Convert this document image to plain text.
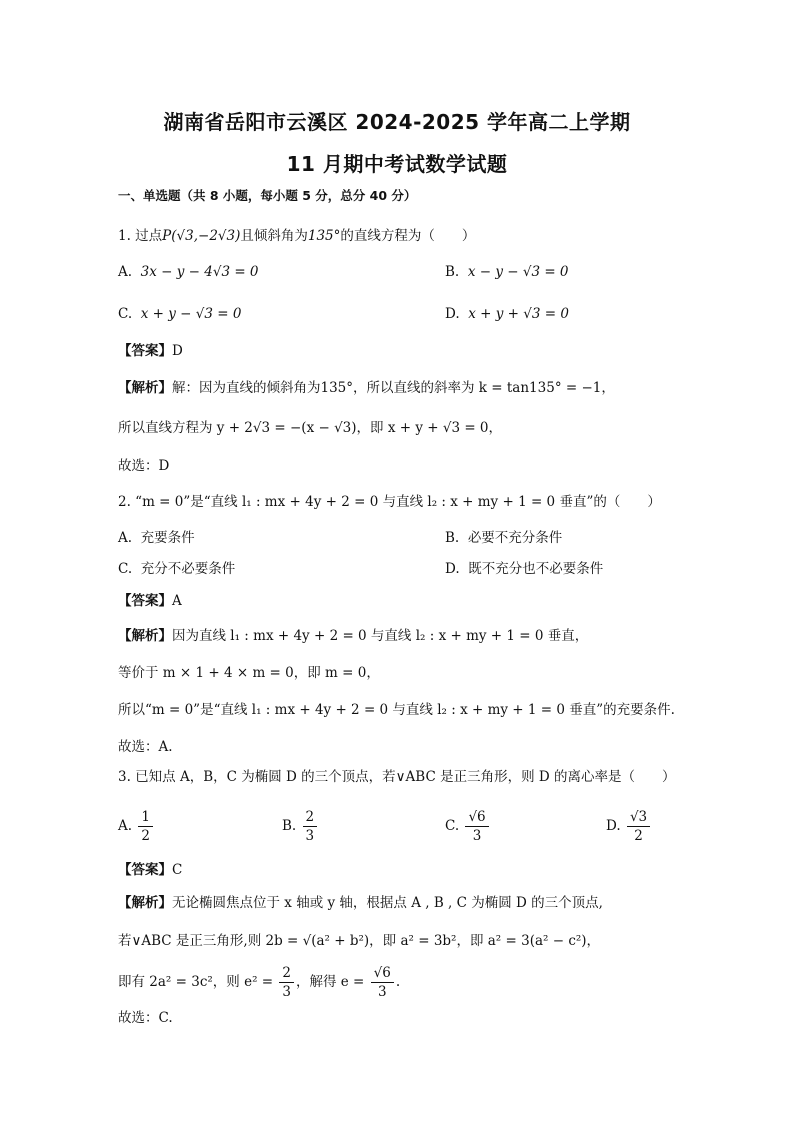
湖南省岳阳市云溪区 2024-2025 学年高二上学期
11 月期中考试数学试题
一、单选题（共 8 小题，每小题 5 分，总分 40 分）
1. 过点P(√3,−2√3)且倾斜角为135°的直线方程为（　　）
A. 3x − y − 4√3 = 0	B. x − y − √3 = 0
C. x + y − √3 = 0	D. x + y + √3 = 0
【答案】D
【解析】解：因为直线的倾斜角为135°，所以直线的斜率为 k = tan135° = −1，
所以直线方程为 y + 2√3 = −(x − √3)，即 x + y + √3 = 0，
故选：D
2. “m = 0”是“直线 l₁ : mx + 4y + 2 = 0 与直线 l₂ : x + my + 1 = 0 垂直”的（　　）
A. 充要条件	B. 必要不充分条件
C. 充分不必要条件	D. 既不充分也不必要条件
【答案】A
【解析】因为直线 l₁ : mx + 4y + 2 = 0 与直线 l₂ : x + my + 1 = 0 垂直，
等价于 m × 1 + 4 × m = 0，即 m = 0，
所以“m = 0”是“直线 l₁ : mx + 4y + 2 = 0 与直线 l₂ : x + my + 1 = 0 垂直”的充要条件.
故选：A.
3. 已知点 A，B，C 为椭圆 D 的三个顶点，若∨ABC 是正三角形，则 D 的离心率是（　　）
A. $\frac{1}{2}$	B. $\frac{2}{3}$	C. $\frac{√6}{3}$	D. $\frac{√3}{2}$
【答案】C
【解析】无论椭圆焦点位于 x 轴或 y 轴，根据点 A , B , C 为椭圆 D 的三个顶点,
若∨ABC 是正三角形,则 2b = √(a² + b²)，即 a² = 3b²，即 a² = 3(a² − c²)，
即有 2a² = 3c²，则 $e^2 = \frac{2}{3}$ ，解得 $e = \frac{√6}{3}$ .
故选：C.
